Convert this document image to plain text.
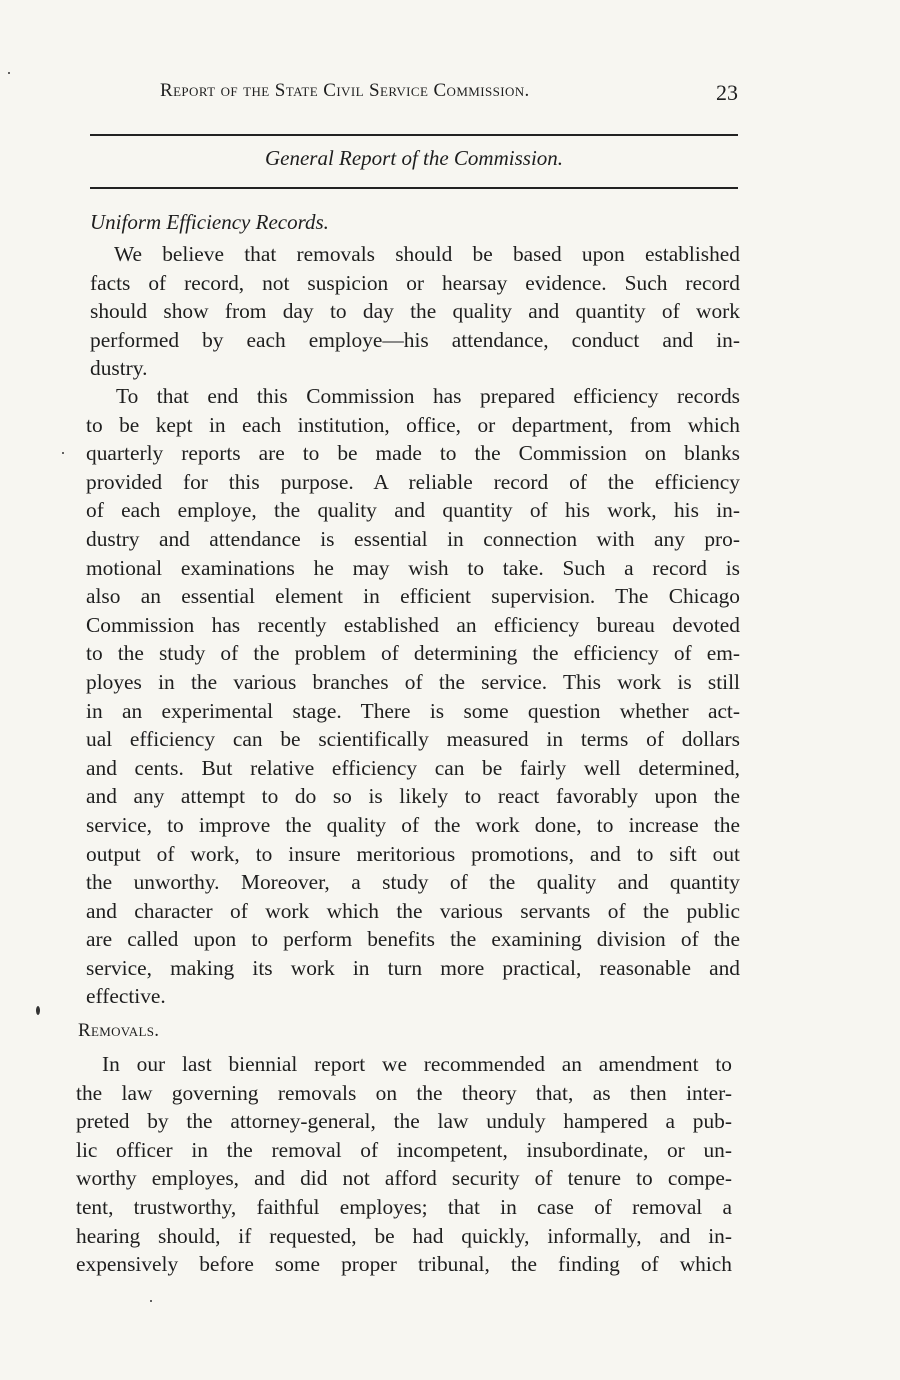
Report of the State Civil Service Commission.	23
General Report of the Commission.
Uniform Efficiency Records.
We believe that removals should be based upon established
facts of record, not suspicion or hearsay evidence. Such record
should show from day to day the quality and quantity of work
performed by each employe—his attendance, conduct and in-
dustry.
To that end this Commission has prepared efficiency records
to be kept in each institution, office, or department, from which
quarterly reports are to be made to the Commission on blanks
provided for this purpose. A reliable record of the efficiency
of each employe, the quality and quantity of his work, his in-
dustry and attendance is essential in connection with any pro-
motional examinations he may wish to take. Such a record is
also an essential element in efficient supervision. The Chicago
Commission has recently established an efficiency bureau devoted
to the study of the problem of determining the efficiency of em-
ployes in the various branches of the service. This work is still
in an experimental stage. There is some question whether act-
ual efficiency can be scientifically measured in terms of dollars
and cents. But relative efficiency can be fairly well determined,
and any attempt to do so is likely to react favorably upon the
service, to improve the quality of the work done, to increase the
output of work, to insure meritorious promotions, and to sift out
the unworthy. Moreover, a study of the quality and quantity
and character of work which the various servants of the public
are called upon to perform benefits the examining division of the
service, making its work in turn more practical, reasonable and
effective.
Removals.
In our last biennial report we recommended an amendment to
the law governing removals on the theory that, as then inter-
preted by the attorney-general, the law unduly hampered a pub-
lic officer in the removal of incompetent, insubordinate, or un-
worthy employes, and did not afford security of tenure to compe-
tent, trustworthy, faithful employes; that in case of removal a
hearing should, if requested, be had quickly, informally, and in-
expensively before some proper tribunal, the finding of which
